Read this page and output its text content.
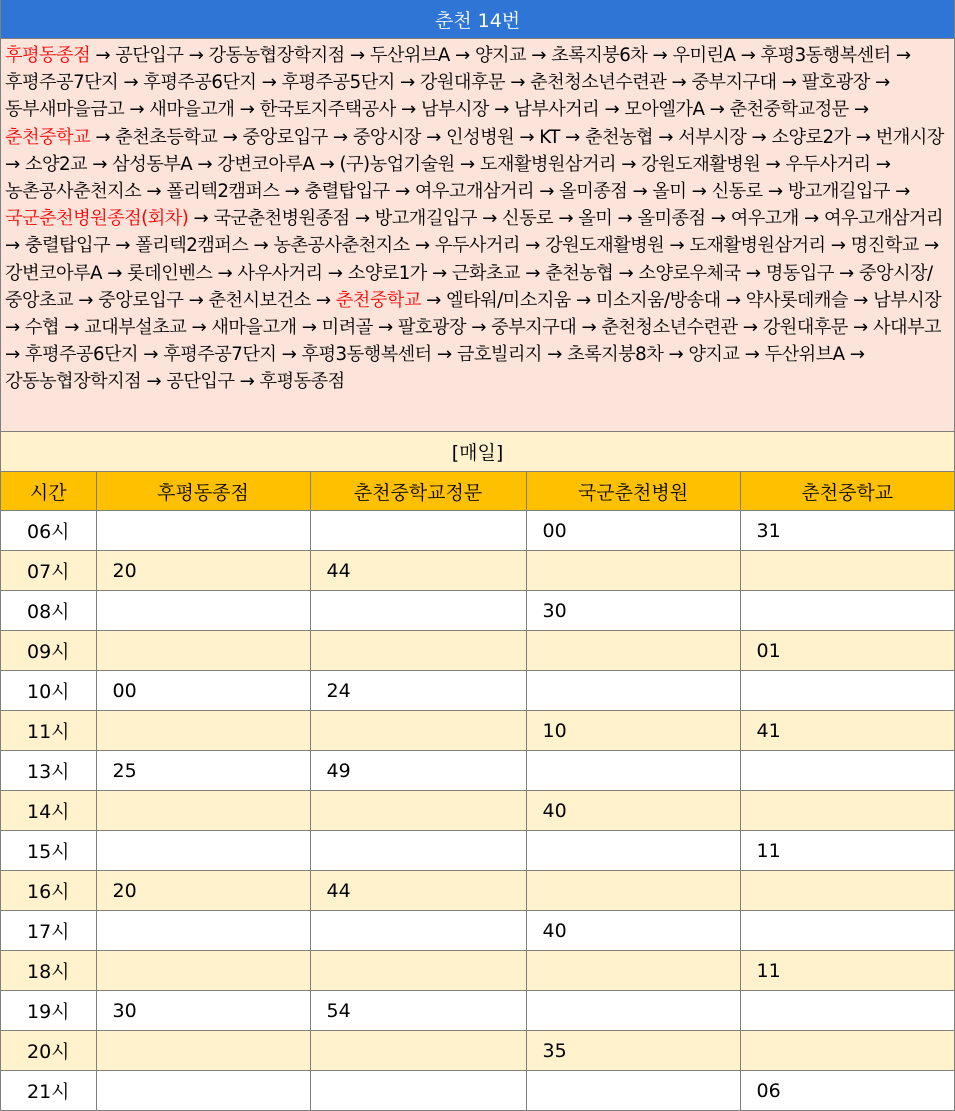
춘천 14번
후평동종점 → 공단입구 → 강동농협장학지점 → 두산위브A → 양지교 → 초록지붕6차 → 우미린A → 후평3동행복센터 → 후평주공7단지 → 후평주공6단지 → 후평주공5단지 → 강원대후문 → 춘천청소년수련관 → 중부지구대 → 팔호광장 → 동부새마을금고 → 새마을고개 → 한국토지주택공사 → 남부시장 → 남부사거리 → 모아엘가A → 춘천중학교정문 → 춘천중학교 → 춘천초등학교 → 중앙로입구 → 중앙시장 → 인성병원 → KT → 춘천농협 → 서부시장 → 소양로2가 → 번개시장 → 소양2교 → 삼성동부A → 강변코아루A → (구)농업기술원 → 도재활병원삼거리 → 강원도재활병원 → 우두사거리 → 농촌공사춘천지소 → 폴리텍2캠퍼스 → 충렬탑입구 → 여우고개삼거리 → 올미종점 → 올미 → 신동로 → 방고개길입구 → 국군춘천병원종점(회차) → 국군춘천병원종점 → 방고개길입구 → 신동로 → 올미 → 올미종점 → 여우고개 → 여우고개삼거리 → 충렬탑입구 → 폴리텍2캠퍼스 → 농촌공사춘천지소 → 우두사거리 → 강원도재활병원 → 도재활병원삼거리 → 명진학교 → 강변코아루A → 롯데인벤스 → 사우사거리 → 소양로1가 → 근화초교 → 춘천농협 → 소양로우체국 → 명동입구 → 중앙시장/중앙초교 → 중앙로입구 → 춘천시보건소 → 춘천중학교 → 엘타워/미소지움 → 미소지움/방송대 → 약사롯데캐슬 → 남부시장 → 수협 → 교대부설초교 → 새마을고개 → 미려골 → 팔호광장 → 중부지구대 → 춘천청소년수련관 → 강원대후문 → 사대부고 → 후평주공6단지 → 후평주공7단지 → 후평3동행복센터 → 금호빌리지 → 초록지붕8차 → 양지교 → 두산위브A → 강동농협장학지점 → 공단입구 → 후평동종점
[매일]
시간	후평동종점	춘천중학교정문	국군춘천병원	춘천중학교
06시			00	31
07시	20	44		
08시			30	
09시				01
10시	00	24		
11시			10	41
13시	25	49		
14시			40	
15시				11
16시	20	44		
17시			40	
18시				11
19시	30	54		
20시			35	
21시				06
